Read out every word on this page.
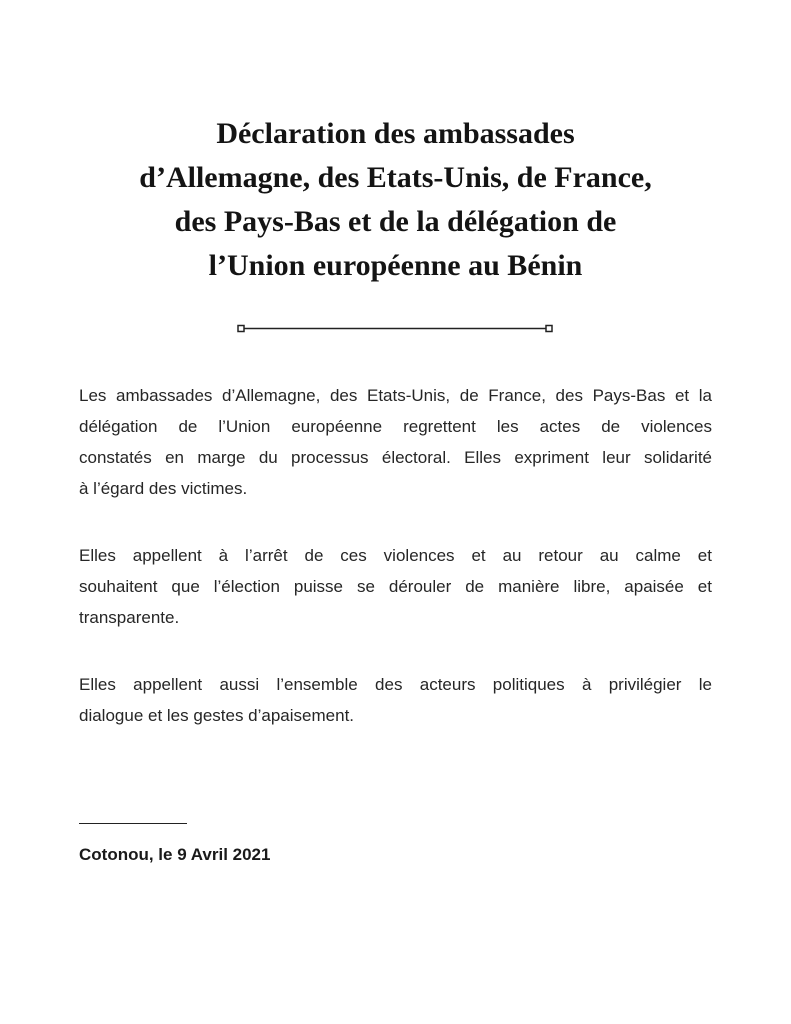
Déclaration des ambassades
d’Allemagne, des Etats-Unis, de France,
des Pays-Bas et de la délégation de
l’Union européenne au Bénin

Les ambassades d’Allemagne, des Etats-Unis, de France, des Pays-Bas et la
délégation de l’Union européenne regrettent les actes de violences
constatés en marge du processus électoral. Elles expriment leur solidarité
à l’égard des victimes.

Elles appellent à l’arrêt de ces violences et au retour au calme et
souhaitent que l’élection puisse se dérouler de manière libre, apaisée et
transparente.

Elles appellent aussi l’ensemble des acteurs politiques à privilégier le
dialogue et les gestes d’apaisement.

Cotonou, le 9 Avril 2021
